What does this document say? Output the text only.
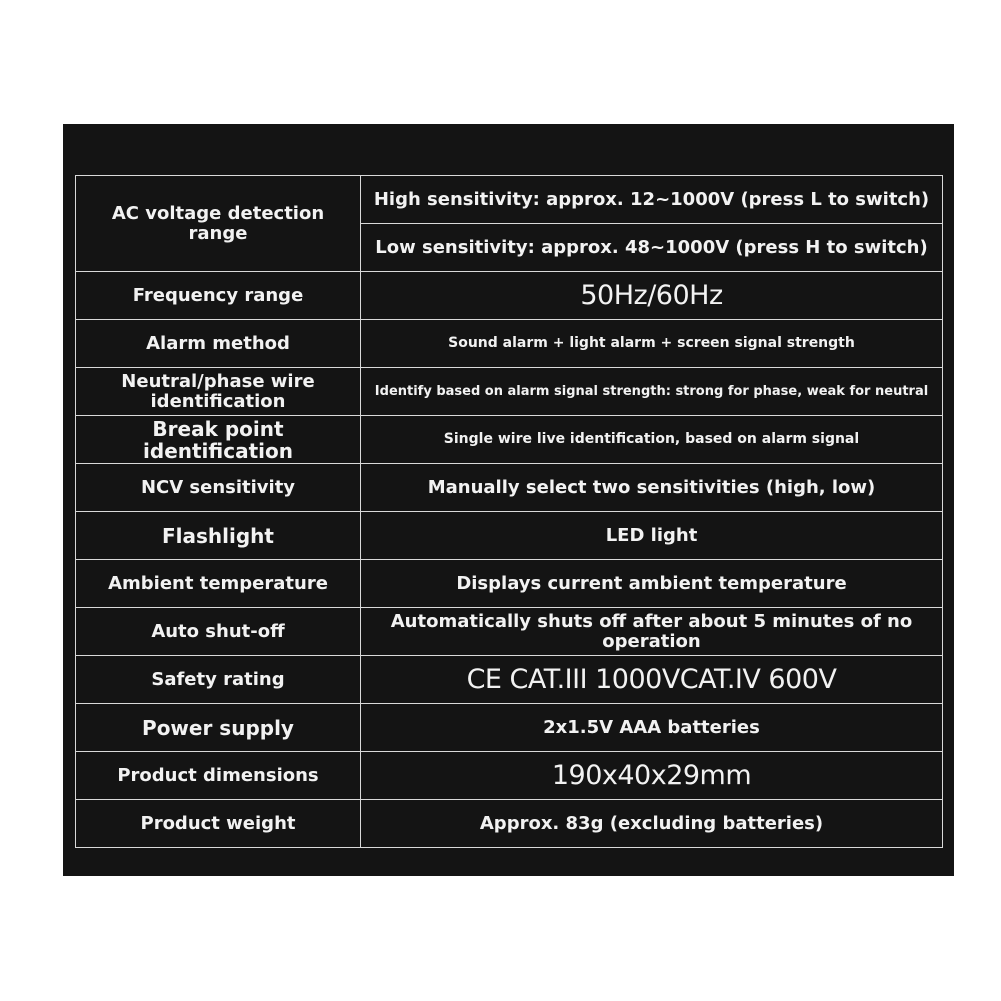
AC voltage detection range	High sensitivity: approx. 12~1000V (press L to switch)
	Low sensitivity: approx. 48~1000V (press H to switch)
Frequency range	50Hz/60Hz
Alarm method	Sound alarm + light alarm + screen signal strength
Neutral/phase wire identification	Identify based on alarm signal strength: strong for phase, weak for neutral
Break point identification	Single wire live identification, based on alarm signal
NCV sensitivity	Manually select two sensitivities (high, low)
Flashlight	LED light
Ambient temperature	Displays current ambient temperature
Auto shut-off	Automatically shuts off after about 5 minutes of no operation
Safety rating	CE CAT.III 1000VCAT.IV 600V
Power supply	2x1.5V AAA batteries
Product dimensions	190x40x29mm
Product weight	Approx. 83g (excluding batteries)
